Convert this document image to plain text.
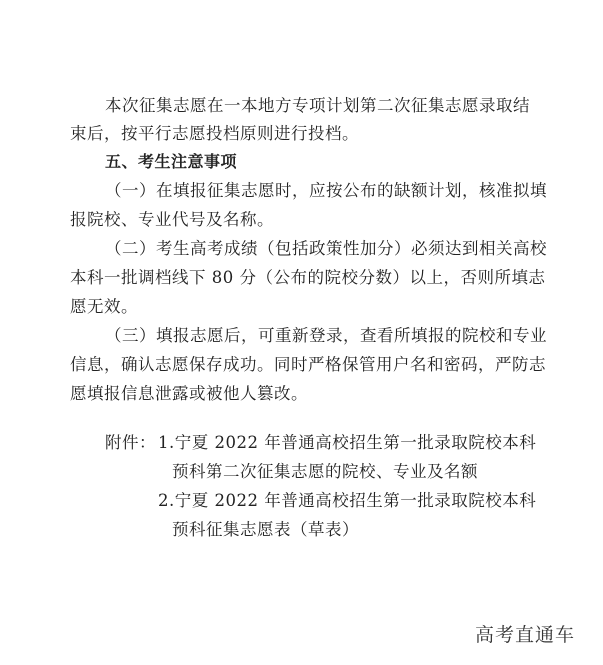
本次征集志愿在一本地方专项计划第二次征集志愿录取结
束后，按平行志愿投档原则进行投档。
五、考生注意事项
（一）在填报征集志愿时，应按公布的缺额计划，核准拟填
报院校、专业代号及名称。
（二）考生高考成绩（包括政策性加分）必须达到相关高校
本科一批调档线下 80 分（公布的院校分数）以上，否则所填志
愿无效。
（三）填报志愿后，可重新登录，查看所填报的院校和专业
信息，确认志愿保存成功。同时严格保管用户名和密码，严防志
愿填报信息泄露或被他人篡改。
附件： 1.宁夏 2022 年普通高校招生第一批录取院校本科
预科第二次征集志愿的院校、专业及名额
2.宁夏 2022 年普通高校招生第一批录取院校本科
预科征集志愿表（草表）
高考直通车
